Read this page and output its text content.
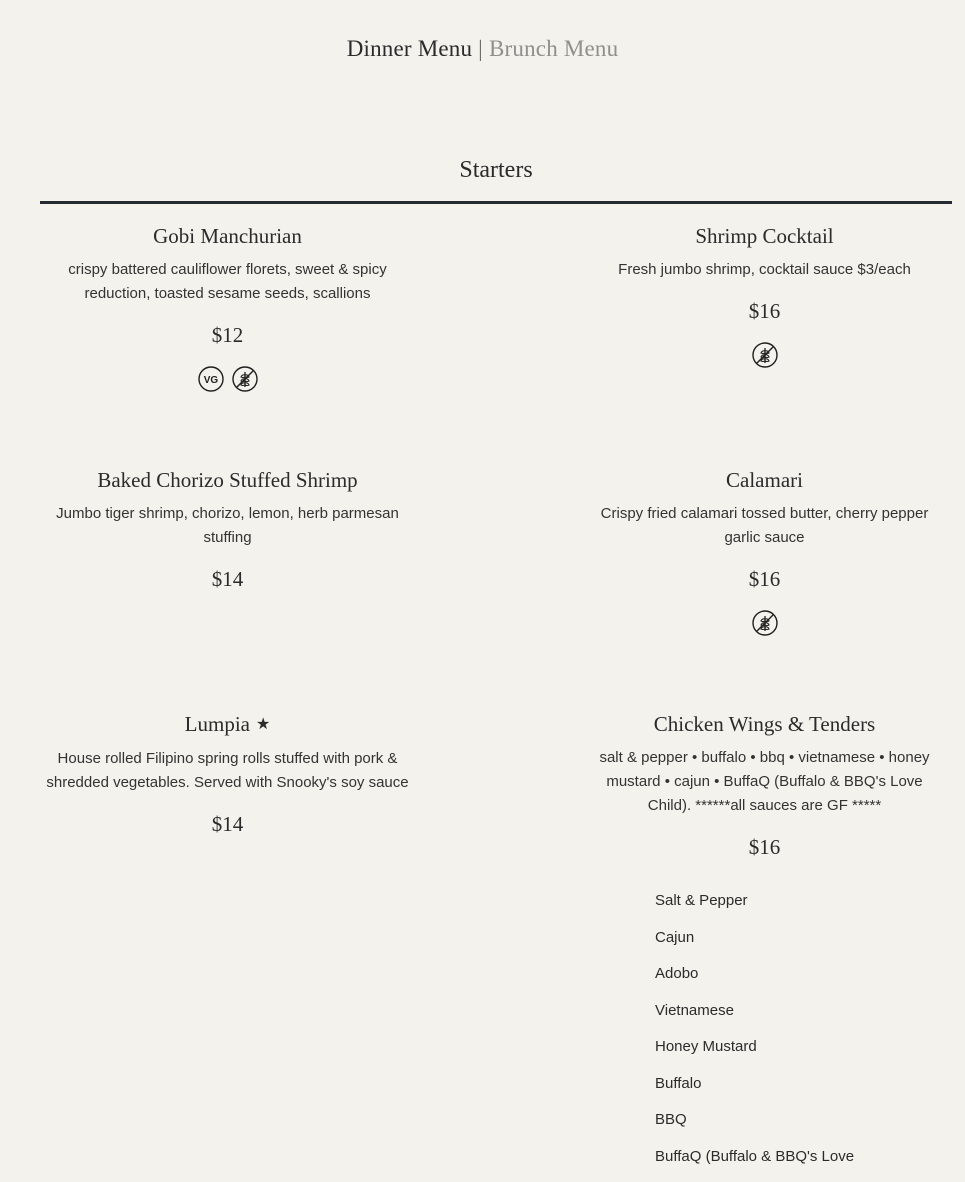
Dinner Menu | Brunch Menu
Starters
Gobi Manchurian
crispy battered cauliflower florets, sweet & spicy reduction, toasted sesame seeds, scallions
$12
VG
Shrimp Cocktail
Fresh jumbo shrimp, cocktail sauce $3/each
$16
Baked Chorizo Stuffed Shrimp
Jumbo tiger shrimp, chorizo, lemon, herb parmesan stuffing
$14
Calamari
Crispy fried calamari tossed butter, cherry pepper garlic sauce
$16
Lumpia ★
House rolled Filipino spring rolls stuffed with pork & shredded vegetables. Served with Snooky's soy sauce
$14
Chicken Wings & Tenders
salt & pepper • buffalo • bbq • vietnamese • honey mustard • cajun • BuffaQ (Buffalo & BBQ's Love Child). ******all sauces are GF *****
$16
Salt & Pepper
Cajun
Adobo
Vietnamese
Honey Mustard
Buffalo
BBQ
BuffaQ (Buffalo & BBQ's Love
